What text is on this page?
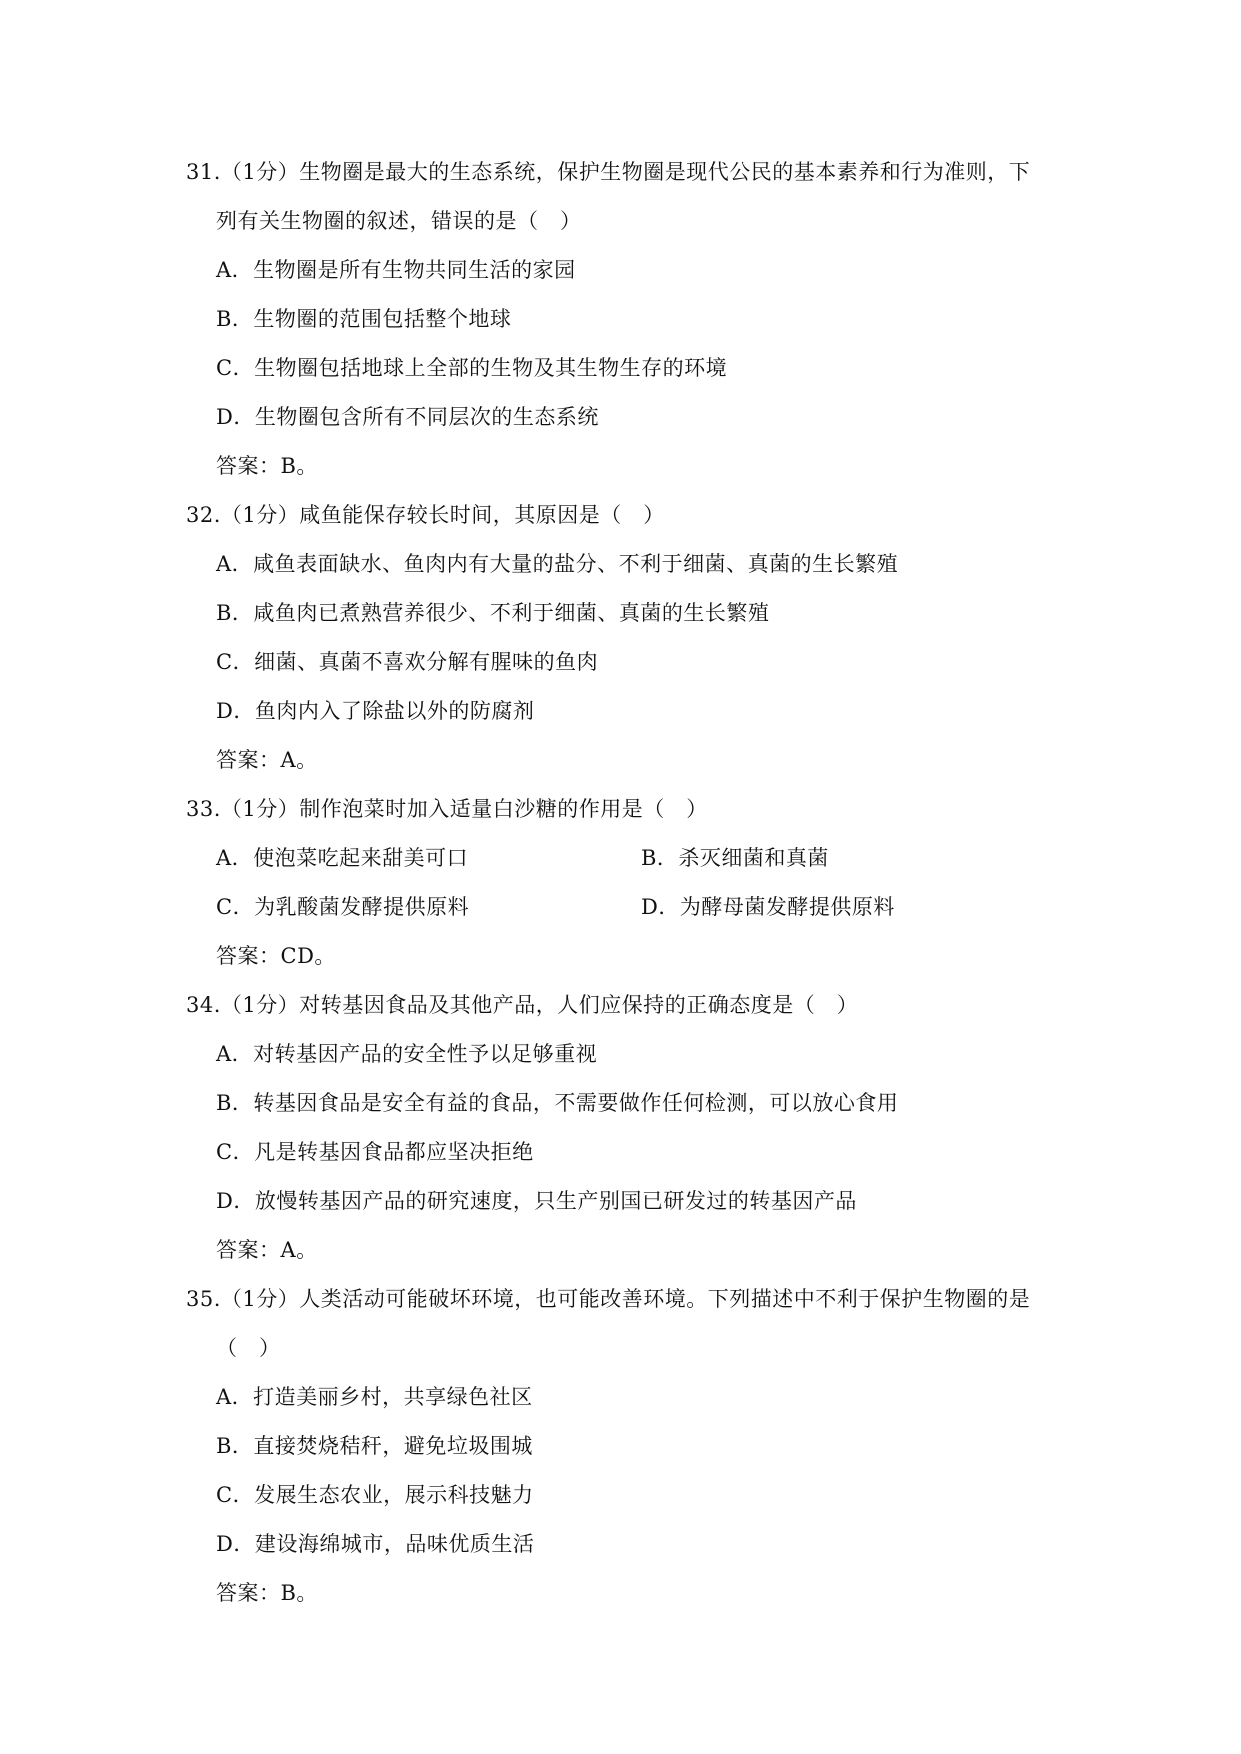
31.（1分）生物圈是最大的生态系统，保护生物圈是现代公民的基本素养和行为准则，下
列有关生物圈的叙述，错误的是（　）
A．生物圈是所有生物共同生活的家园
B．生物圈的范围包括整个地球
C．生物圈包括地球上全部的生物及其生物生存的环境
D．生物圈包含所有不同层次的生态系统
答案：B。
32.（1分）咸鱼能保存较长时间，其原因是（　）
A．咸鱼表面缺水、鱼肉内有大量的盐分、不利于细菌、真菌的生长繁殖
B．咸鱼肉已煮熟营养很少、不利于细菌、真菌的生长繁殖
C．细菌、真菌不喜欢分解有腥味的鱼肉
D．鱼肉内入了除盐以外的防腐剂
答案：A。
33.（1分）制作泡菜时加入适量白沙糖的作用是（　）
A．使泡菜吃起来甜美可口	B．杀灭细菌和真菌
C．为乳酸菌发酵提供原料	D．为酵母菌发酵提供原料
答案：CD。
34.（1分）对转基因食品及其他产品，人们应保持的正确态度是（　）
A．对转基因产品的安全性予以足够重视
B．转基因食品是安全有益的食品，不需要做作任何检测，可以放心食用
C．凡是转基因食品都应坚决拒绝
D．放慢转基因产品的研究速度，只生产别国已研发过的转基因产品
答案：A。
35.（1分）人类活动可能破坏环境，也可能改善环境。下列描述中不利于保护生物圈的是
（　）
A．打造美丽乡村，共享绿色社区
B．直接焚烧秸秆，避免垃圾围城
C．发展生态农业，展示科技魅力
D．建设海绵城市，品味优质生活
答案：B。
